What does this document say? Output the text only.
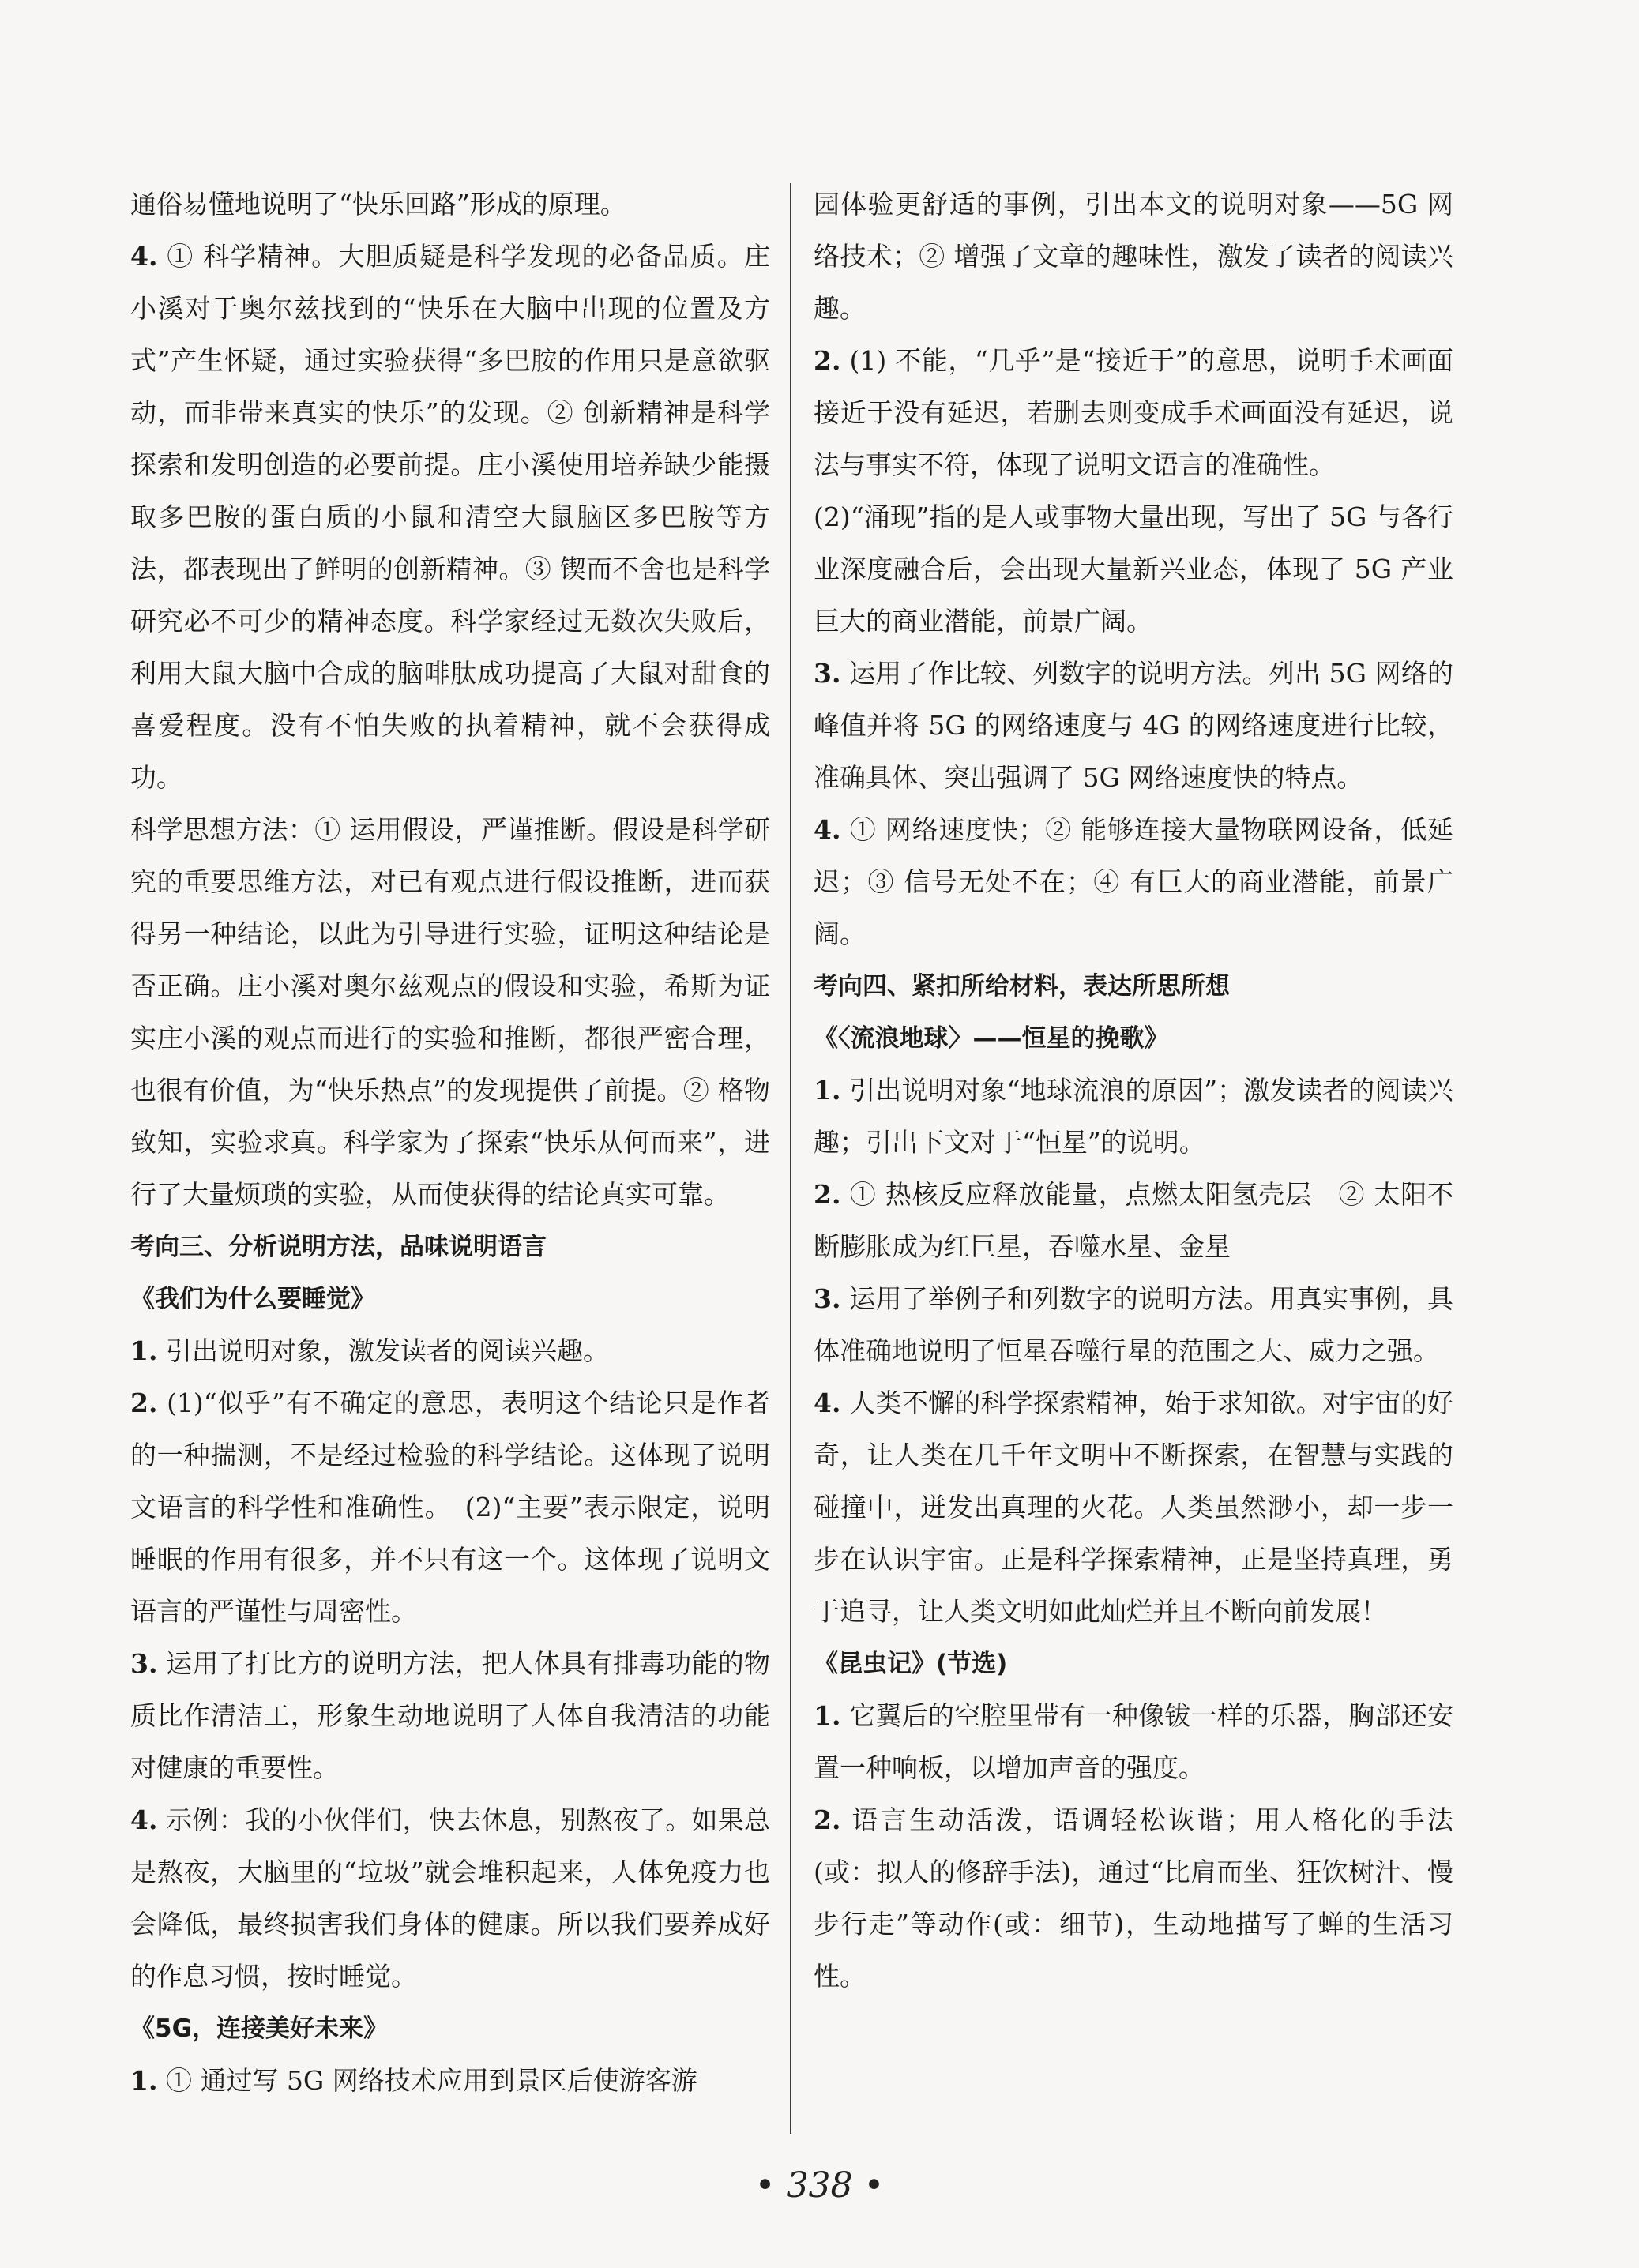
通俗易懂地说明了“快乐回路”形成的原理。

4. ① 科学精神。大胆质疑是科学发现的必备品质。庄小溪对于奥尔兹找到的“快乐在大脑中出现的位置及方式”产生怀疑，通过实验获得“多巴胺的作用只是意欲驱动，而非带来真实的快乐”的发现。② 创新精神是科学探索和发明创造的必要前提。庄小溪使用培养缺少能摄取多巴胺的蛋白质的小鼠和清空大鼠脑区多巴胺等方法，都表现出了鲜明的创新精神。③ 锲而不舍也是科学研究必不可少的精神态度。科学家经过无数次失败后，利用大鼠大脑中合成的脑啡肽成功提高了大鼠对甜食的喜爱程度。没有不怕失败的执着精神，就不会获得成功。

科学思想方法：① 运用假设，严谨推断。假设是科学研究的重要思维方法，对已有观点进行假设推断，进而获得另一种结论，以此为引导进行实验，证明这种结论是否正确。庄小溪对奥尔兹观点的假设和实验，希斯为证实庄小溪的观点而进行的实验和推断，都很严密合理，也很有价值，为“快乐热点”的发现提供了前提。② 格物致知，实验求真。科学家为了探索“快乐从何而来”，进行了大量烦琐的实验，从而使获得的结论真实可靠。

考向三、分析说明方法，品味说明语言

《我们为什么要睡觉》

1. 引出说明对象，激发读者的阅读兴趣。

2. (1)“似乎”有不确定的意思，表明这个结论只是作者的一种揣测，不是经过检验的科学结论。这体现了说明文语言的科学性和准确性。　(2)“主要”表示限定，说明睡眠的作用有很多，并不只有这一个。这体现了说明文语言的严谨性与周密性。

3. 运用了打比方的说明方法，把人体具有排毒功能的物质比作清洁工，形象生动地说明了人体自我清洁的功能对健康的重要性。

4. 示例：我的小伙伴们，快去休息，别熬夜了。如果总是熬夜，大脑里的“垃圾”就会堆积起来，人体免疫力也会降低，最终损害我们身体的健康。所以我们要养成好的作息习惯，按时睡觉。

《5G，连接美好未来》

1. ① 通过写 5G 网络技术应用到景区后使游客游

园体验更舒适的事例，引出本文的说明对象——5G 网络技术；② 增强了文章的趣味性，激发了读者的阅读兴趣。

2. (1) 不能，“几乎”是“接近于”的意思，说明手术画面接近于没有延迟，若删去则变成手术画面没有延迟，说法与事实不符，体现了说明文语言的准确性。

(2)“涌现”指的是人或事物大量出现，写出了 5G 与各行业深度融合后，会出现大量新兴业态，体现了 5G 产业巨大的商业潜能，前景广阔。

3. 运用了作比较、列数字的说明方法。列出 5G 网络的峰值并将 5G 的网络速度与 4G 的网络速度进行比较，准确具体、突出强调了 5G 网络速度快的特点。

4. ① 网络速度快；② 能够连接大量物联网设备，低延迟；③ 信号无处不在；④ 有巨大的商业潜能，前景广阔。

考向四、紧扣所给材料，表达所思所想

《〈流浪地球〉——恒星的挽歌》

1. 引出说明对象“地球流浪的原因”；激发读者的阅读兴趣；引出下文对于“恒星”的说明。

2. ① 热核反应释放能量，点燃太阳氢壳层　② 太阳不断膨胀成为红巨星，吞噬水星、金星

3. 运用了举例子和列数字的说明方法。用真实事例，具体准确地说明了恒星吞噬行星的范围之大、威力之强。

4. 人类不懈的科学探索精神，始于求知欲。对宇宙的好奇，让人类在几千年文明中不断探索，在智慧与实践的碰撞中，迸发出真理的火花。人类虽然渺小，却一步一步在认识宇宙。正是科学探索精神，正是坚持真理，勇于追寻，让人类文明如此灿烂并且不断向前发展！

《昆虫记》(节选)

1. 它翼后的空腔里带有一种像钹一样的乐器，胸部还安置一种响板，以增加声音的强度。

2. 语言生动活泼，语调轻松诙谐；用人格化的手法(或：拟人的修辞手法)，通过“比肩而坐、狂饮树汁、慢步行走”等动作(或：细节)，生动地描写了蝉的生活习性。

• 338 •
